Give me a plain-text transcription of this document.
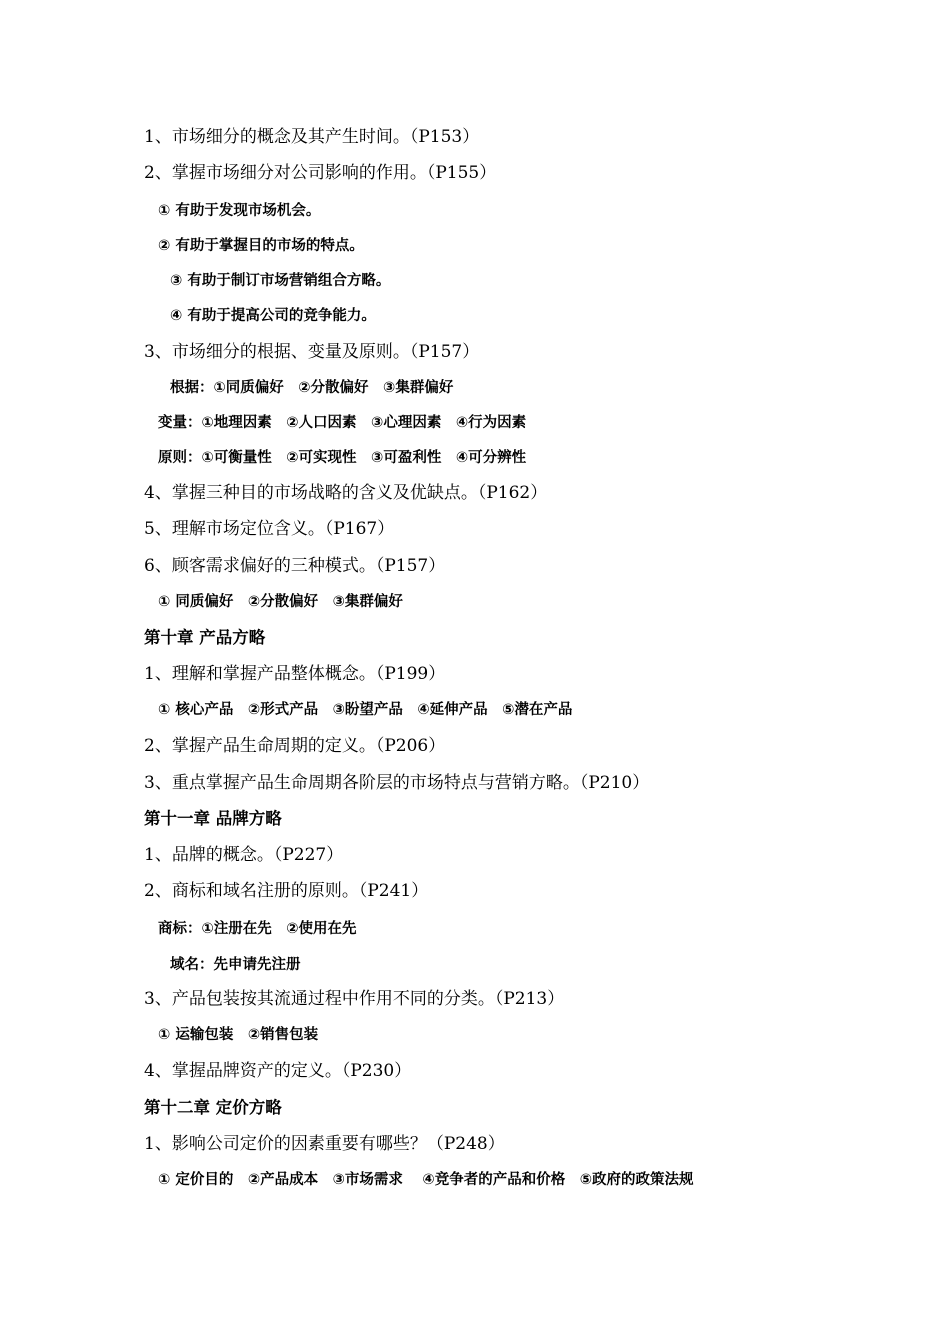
1、市场细分的概念及其产生时间。（P153）
2、掌握市场细分对公司影响的作用。（P155）
① 有助于发现市场机会。
② 有助于掌握目的市场的特点。
③ 有助于制订市场营销组合方略。
④ 有助于提高公司的竞争能力。
3、市场细分的根据、变量及原则。（P157）
根据：①同质偏好　②分散偏好　③集群偏好
变量：①地理因素　②人口因素　③心理因素　④行为因素
原则：①可衡量性　②可实现性　③可盈利性　④可分辨性
4、掌握三种目的市场战略的含义及优缺点。（P162）
5、理解市场定位含义。（P167）
6、顾客需求偏好的三种模式。（P157）
① 同质偏好　②分散偏好　③集群偏好
第十章 产品方略
1、理解和掌握产品整体概念。（P199）
① 核心产品　②形式产品　③盼望产品　④延伸产品　⑤潜在产品
2、掌握产品生命周期的定义。（P206）
3、重点掌握产品生命周期各阶层的市场特点与营销方略。（P210）
第十一章 品牌方略
1、品牌的概念。（P227）
2、商标和域名注册的原则。（P241）
商标：①注册在先　②使用在先
域名：先申请先注册
3、产品包装按其流通过程中作用不同的分类。（P213）
① 运输包装　②销售包装
4、掌握品牌资产的定义。（P230）
第十二章 定价方略
1、影响公司定价的因素重要有哪些？（P248）
① 定价目的　②产品成本　③市场需求　 ④竞争者的产品和价格　⑤政府的政策法规
